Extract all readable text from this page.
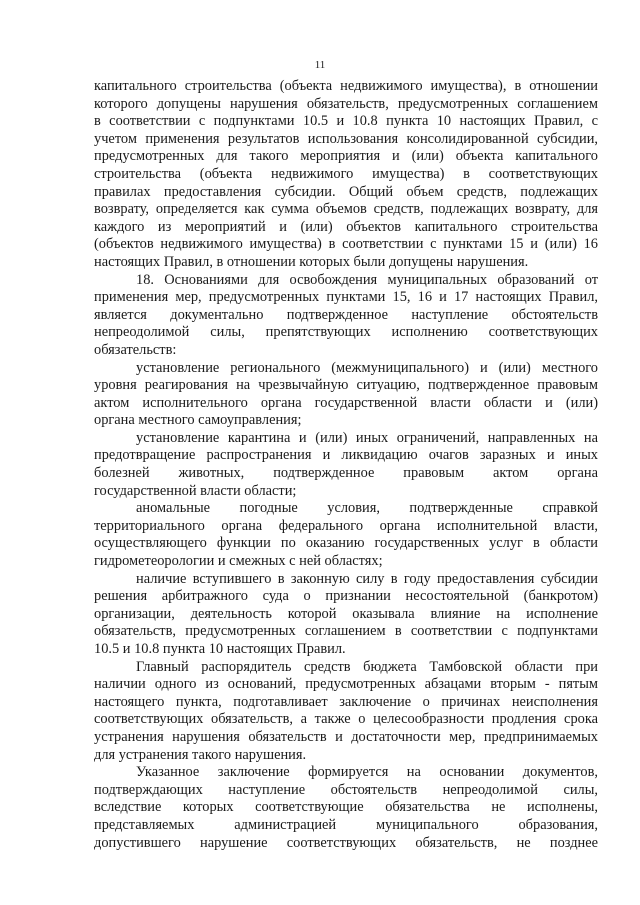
11
капитального строительства (объекта недвижимого имущества), в отношении
которого допущены нарушения обязательств, предусмотренных соглашением
в соответствии с подпунктами 10.5 и 10.8 пункта 10 настоящих Правил, с
учетом применения результатов использования консолидированной субсидии,
предусмотренных для такого мероприятия и (или) объекта капитального
строительства (объекта недвижимого имущества) в соответствующих
правилах предоставления субсидии. Общий объем средств, подлежащих
возврату, определяется как сумма объемов средств, подлежащих возврату, для
каждого из мероприятий и (или) объектов капитального строительства
(объектов недвижимого имущества) в соответствии с пунктами 15 и (или) 16
настоящих Правил, в отношении которых были допущены нарушения.
18. Основаниями для освобождения муниципальных образований от
применения мер, предусмотренных пунктами 15, 16 и 17 настоящих Правил,
является документально подтвержденное наступление обстоятельств
непреодолимой силы, препятствующих исполнению соответствующих
обязательств:
установление регионального (межмуниципального) и (или) местного
уровня реагирования на чрезвычайную ситуацию, подтвержденное правовым
актом исполнительного органа государственной власти области и (или)
органа местного самоуправления;
установление карантина и (или) иных ограничений, направленных на
предотвращение распространения и ликвидацию очагов заразных и иных
болезней животных, подтвержденное правовым актом органа
государственной власти области;
аномальные погодные условия, подтвержденные справкой
территориального органа федерального органа исполнительной власти,
осуществляющего функции по оказанию государственных услуг в области
гидрометеорологии и смежных с ней областях;
наличие вступившего в законную силу в году предоставления субсидии
решения арбитражного суда о признании несостоятельной (банкротом)
организации, деятельность которой оказывала влияние на исполнение
обязательств, предусмотренных соглашением в соответствии с подпунктами
10.5 и 10.8 пункта 10 настоящих Правил.
Главный распорядитель средств бюджета Тамбовской области при
наличии одного из оснований, предусмотренных абзацами вторым - пятым
настоящего пункта, подготавливает заключение о причинах неисполнения
соответствующих обязательств, а также о целесообразности продления срока
устранения нарушения обязательств и достаточности мер, предпринимаемых
для устранения такого нарушения.
Указанное заключение формируется на основании документов,
подтверждающих наступление обстоятельств непреодолимой силы,
вследствие которых соответствующие обязательства не исполнены,
представляемых администрацией муниципального образования,
допустившего нарушение соответствующих обязательств, не позднее
